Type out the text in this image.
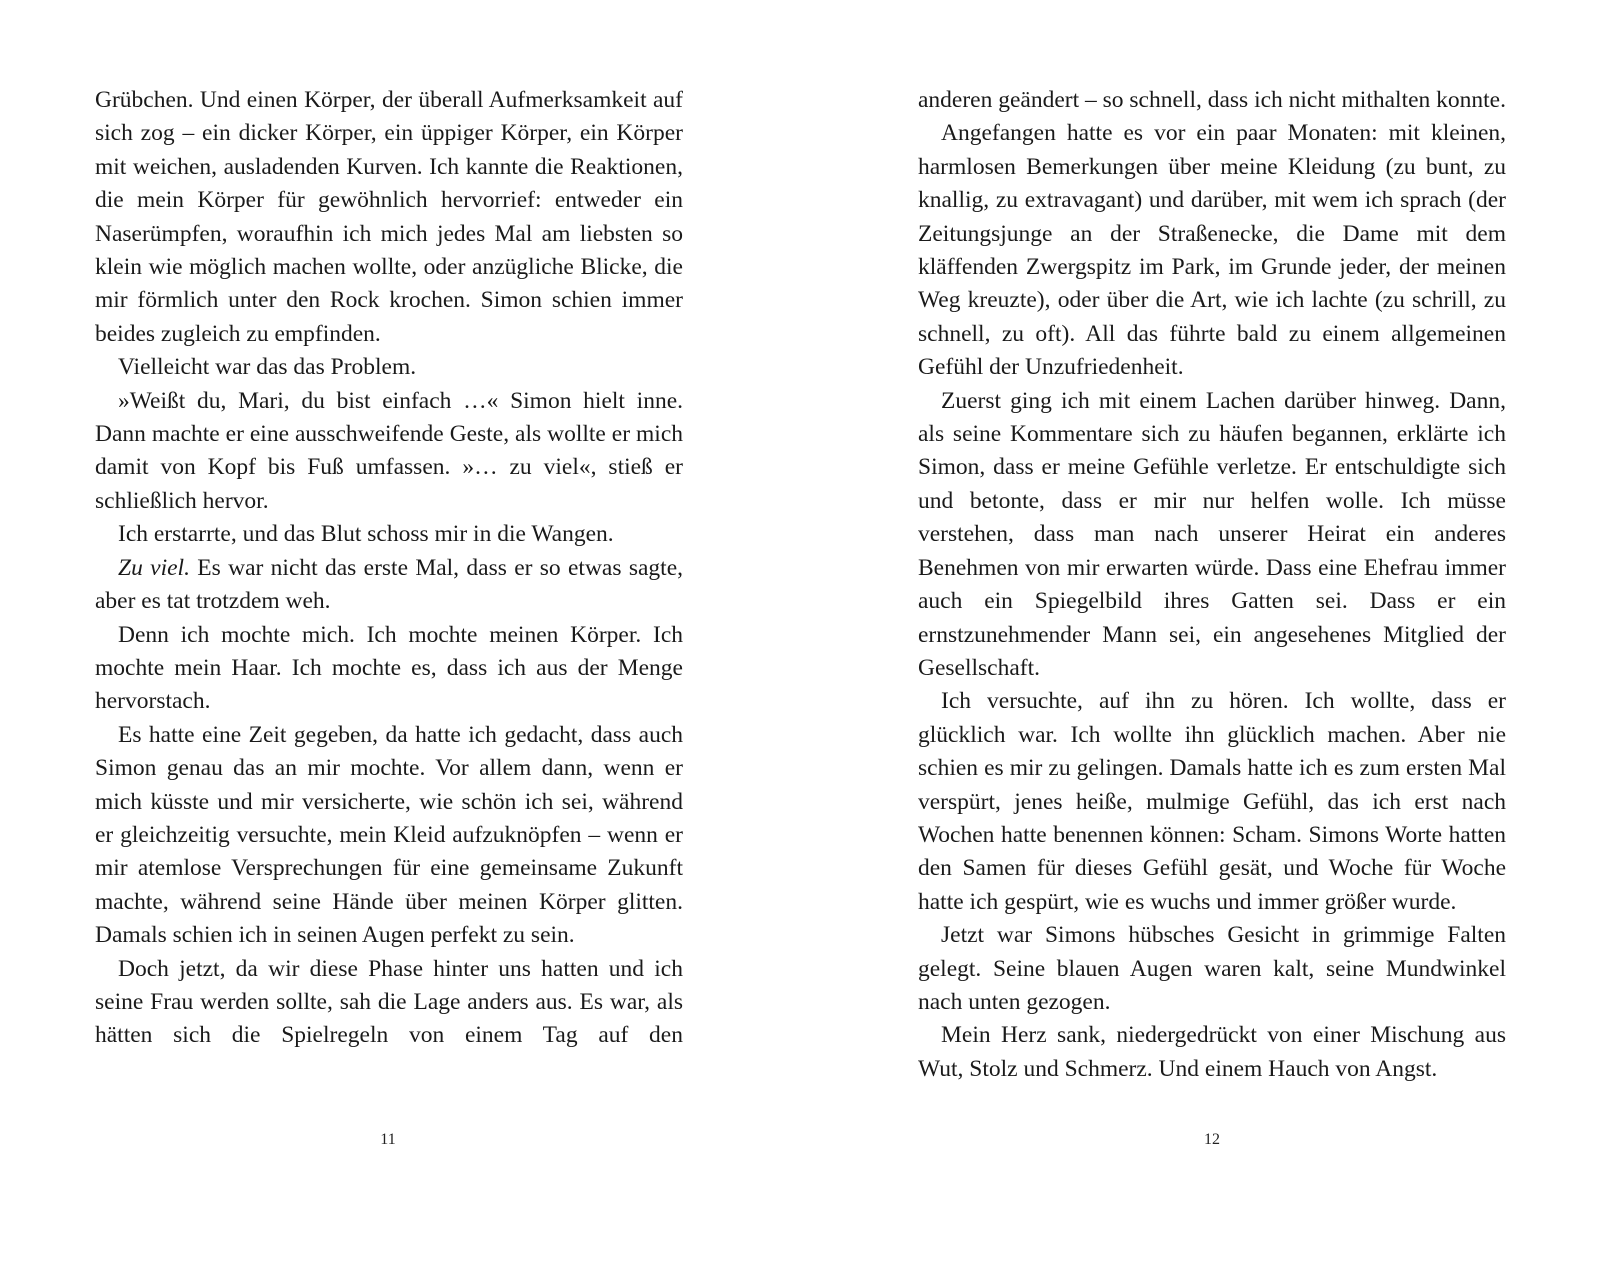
Grübchen. Und einen Körper, der überall Aufmerksamkeit auf sich zog – ein dicker Körper, ein üppiger Körper, ein Körper mit weichen, ausladenden Kurven. Ich kannte die Reaktionen, die mein Körper für gewöhnlich hervorrief: entweder ein Naserümpfen, woraufhin ich mich jedes Mal am liebsten so klein wie möglich machen wollte, oder anzügliche Blicke, die mir förmlich unter den Rock krochen. Simon schien immer beides zugleich zu empfinden.

Vielleicht war das das Problem.

»Weißt du, Mari, du bist einfach …« Simon hielt inne. Dann machte er eine ausschweifende Geste, als wollte er mich damit von Kopf bis Fuß umfassen. »… zu viel«, stieß er schließlich hervor.

Ich erstarrte, und das Blut schoss mir in die Wangen.

Zu viel. Es war nicht das erste Mal, dass er so etwas sagte, aber es tat trotzdem weh.

Denn ich mochte mich. Ich mochte meinen Körper. Ich mochte mein Haar. Ich mochte es, dass ich aus der Menge hervorstach.

Es hatte eine Zeit gegeben, da hatte ich gedacht, dass auch Simon genau das an mir mochte. Vor allem dann, wenn er mich küsste und mir versicherte, wie schön ich sei, während er gleichzeitig versuchte, mein Kleid aufzuknöpfen – wenn er mir atemlose Versprechungen für eine gemeinsame Zukunft machte, während seine Hände über meinen Körper glitten. Damals schien ich in seinen Augen perfekt zu sein.

Doch jetzt, da wir diese Phase hinter uns hatten und ich seine Frau werden sollte, sah die Lage anders aus. Es war, als hätten sich die Spielregeln von einem Tag auf den

11

anderen geändert – so schnell, dass ich nicht mithalten konnte.

Angefangen hatte es vor ein paar Monaten: mit kleinen, harmlosen Bemerkungen über meine Kleidung (zu bunt, zu knallig, zu extravagant) und darüber, mit wem ich sprach (der Zeitungsjunge an der Straßenecke, die Dame mit dem kläffenden Zwergspitz im Park, im Grunde jeder, der meinen Weg kreuzte), oder über die Art, wie ich lachte (zu schrill, zu schnell, zu oft). All das führte bald zu einem allgemeinen Gefühl der Unzufriedenheit.

Zuerst ging ich mit einem Lachen darüber hinweg. Dann, als seine Kommentare sich zu häufen begannen, erklärte ich Simon, dass er meine Gefühle verletze. Er entschuldigte sich und betonte, dass er mir nur helfen wolle. Ich müsse verstehen, dass man nach unserer Heirat ein anderes Benehmen von mir erwarten würde. Dass eine Ehefrau immer auch ein Spiegelbild ihres Gatten sei. Dass er ein ernstzunehmender Mann sei, ein angesehenes Mitglied der Gesellschaft.

Ich versuchte, auf ihn zu hören. Ich wollte, dass er glücklich war. Ich wollte ihn glücklich machen. Aber nie schien es mir zu gelingen. Damals hatte ich es zum ersten Mal verspürt, jenes heiße, mulmige Gefühl, das ich erst nach Wochen hatte benennen können: Scham. Simons Worte hatten den Samen für dieses Gefühl gesät, und Woche für Woche hatte ich gespürt, wie es wuchs und immer größer wurde.

Jetzt war Simons hübsches Gesicht in grimmige Falten gelegt. Seine blauen Augen waren kalt, seine Mundwinkel nach unten gezogen.

Mein Herz sank, niedergedrückt von einer Mischung aus Wut, Stolz und Schmerz. Und einem Hauch von Angst.

12
